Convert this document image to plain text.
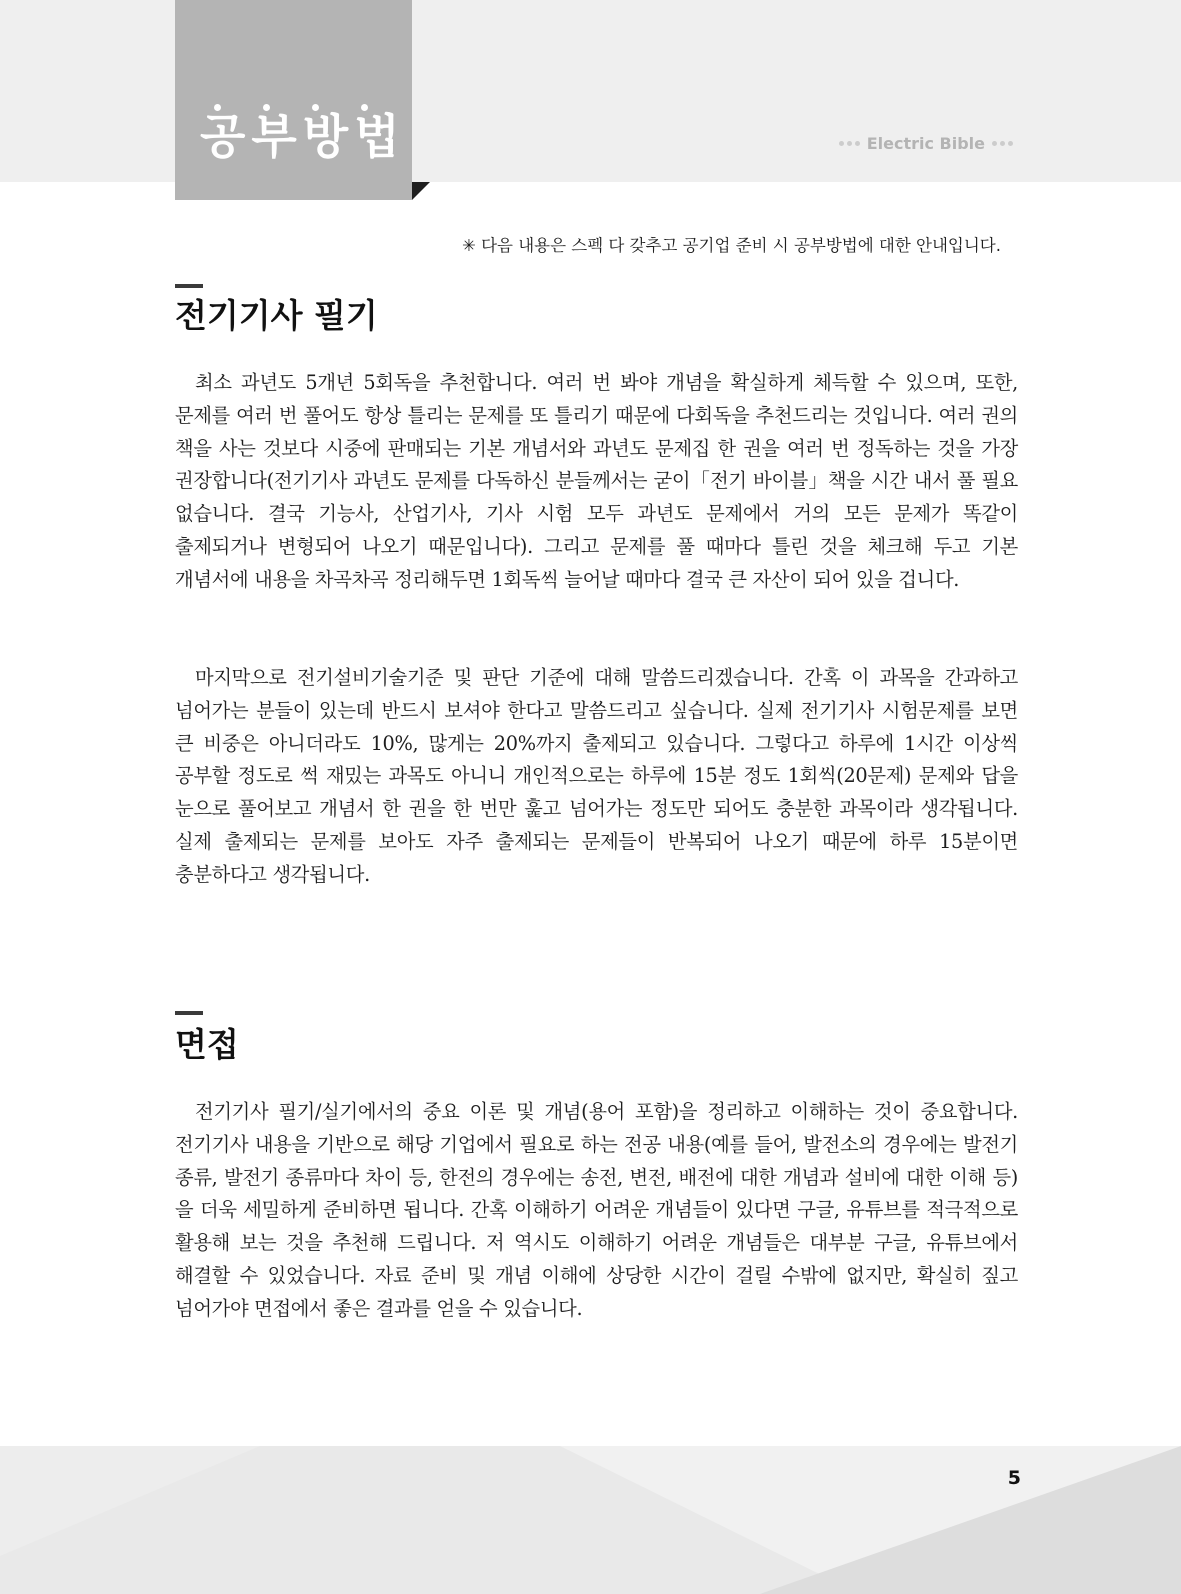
공부방법	Electric Bible
✳ 다음 내용은 스펙 다 갖추고 공기업 준비 시 공부방법에 대한 안내입니다.
전기기사 필기

최소 과년도 5개년 5회독을 추천합니다. 여러 번 봐야 개념을 확실하게 체득할 수 있으며, 또한, 문제를 여러 번 풀어도 항상 틀리는 문제를 또 틀리기 때문에 다회독을 추천드리는 것입니다. 여러 권의 책을 사는 것보다 시중에 판매되는 기본 개념서와 과년도 문제집 한 권을 여러 번 정독하는 것을 가장 권장합니다(전기기사 과년도 문제를 다독하신 분들께서는 굳이「전기 바이블」책을 시간 내서 풀 필요 없습니다. 결국 기능사, 산업기사, 기사 시험 모두 과년도 문제에서 거의 모든 문제가 똑같이 출제되거나 변형되어 나오기 때문입니다). 그리고 문제를 풀 때마다 틀린 것을 체크해 두고 기본 개념서에 내용을 차곡차곡 정리해두면 1회독씩 늘어날 때마다 결국 큰 자산이 되어 있을 겁니다.

마지막으로 전기설비기술기준 및 판단 기준에 대해 말씀드리겠습니다. 간혹 이 과목을 간과하고 넘어가는 분들이 있는데 반드시 보셔야 한다고 말씀드리고 싶습니다. 실제 전기기사 시험문제를 보면 큰 비중은 아니더라도 10%, 많게는 20%까지 출제되고 있습니다. 그렇다고 하루에 1시간 이상씩 공부할 정도로 썩 재밌는 과목도 아니니 개인적으로는 하루에 15분 정도 1회씩(20문제) 문제와 답을 눈으로 풀어보고 개념서 한 권을 한 번만 훑고 넘어가는 정도만 되어도 충분한 과목이라 생각됩니다. 실제 출제되는 문제를 보아도 자주 출제되는 문제들이 반복되어 나오기 때문에 하루 15분이면 충분하다고 생각됩니다.

면접

전기기사 필기/실기에서의 중요 이론 및 개념(용어 포함)을 정리하고 이해하는 것이 중요합니다. 전기기사 내용을 기반으로 해당 기업에서 필요로 하는 전공 내용(예를 들어, 발전소의 경우에는 발전기 종류, 발전기 종류마다 차이 등, 한전의 경우에는 송전, 변전, 배전에 대한 개념과 설비에 대한 이해 등)을 더욱 세밀하게 준비하면 됩니다. 간혹 이해하기 어려운 개념들이 있다면 구글, 유튜브를 적극적으로 활용해 보는 것을 추천해 드립니다. 저 역시도 이해하기 어려운 개념들은 대부분 구글, 유튜브에서 해결할 수 있었습니다. 자료 준비 및 개념 이해에 상당한 시간이 걸릴 수밖에 없지만, 확실히 짚고 넘어가야 면접에서 좋은 결과를 얻을 수 있습니다.

5
